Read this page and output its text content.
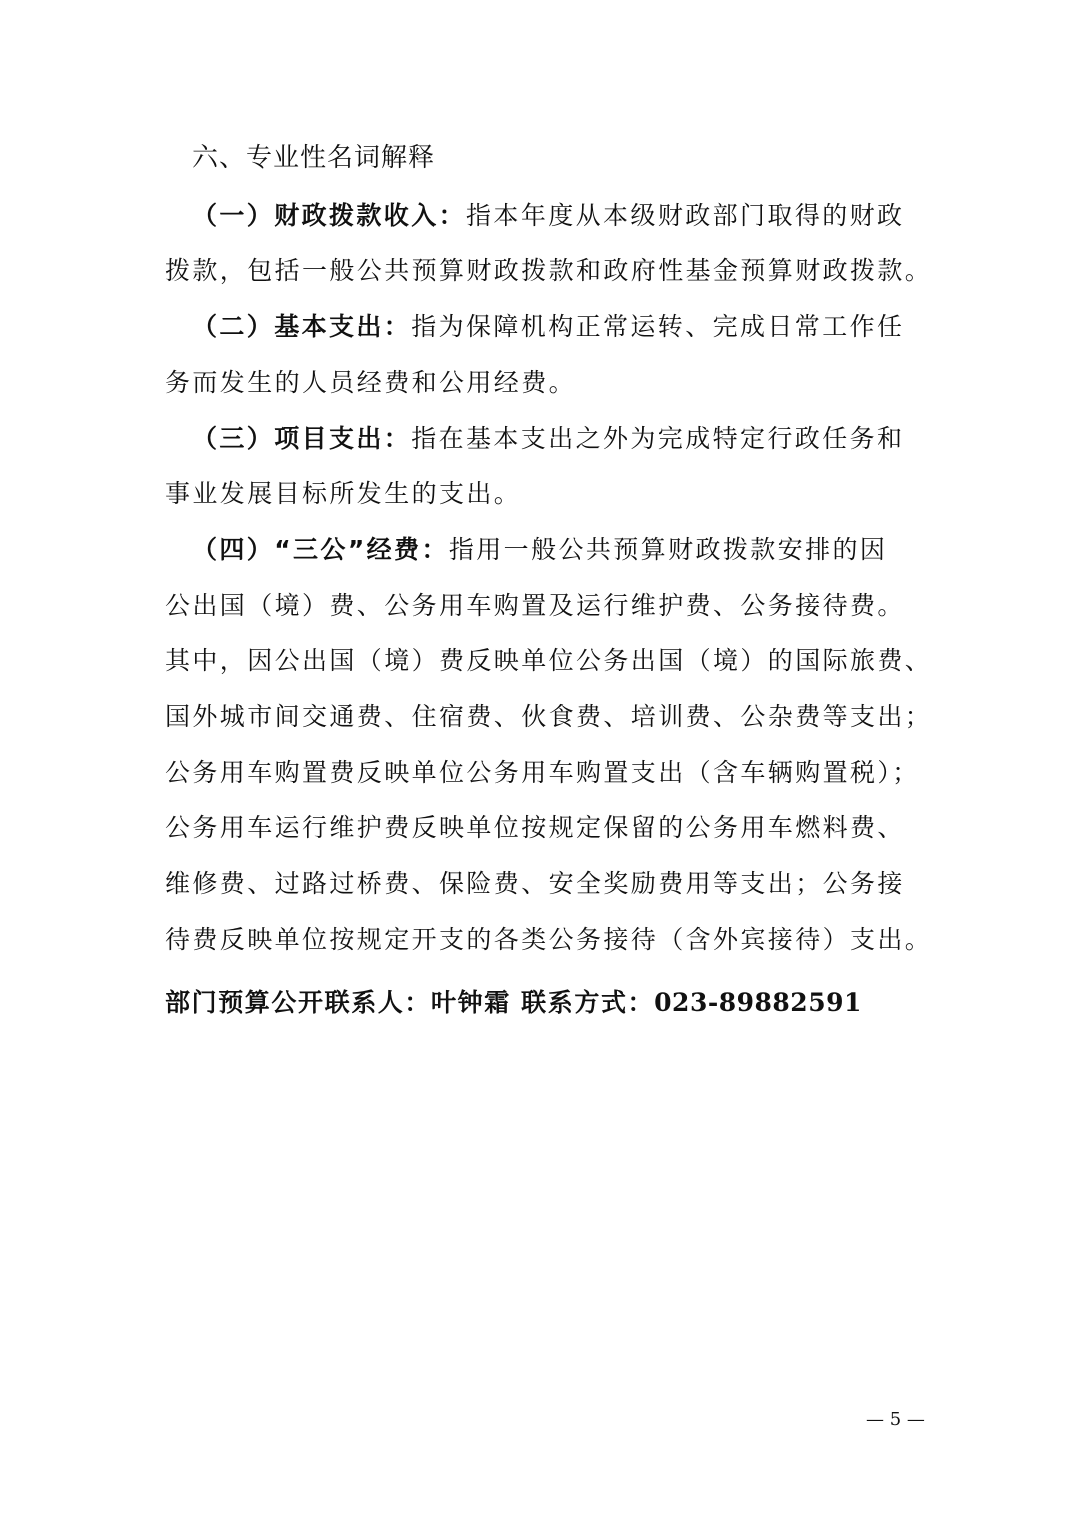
六、专业性名词解释
（一）财政拨款收入：指本年度从本级财政部门取得的财政
拨款，包括一般公共预算财政拨款和政府性基金预算财政拨款。
（二）基本支出：指为保障机构正常运转、完成日常工作任
务而发生的人员经费和公用经费。
（三）项目支出：指在基本支出之外为完成特定行政任务和
事业发展目标所发生的支出。
（四）“三公”经费：指用一般公共预算财政拨款安排的因
公出国（境）费、公务用车购置及运行维护费、公务接待费。
其中，因公出国（境）费反映单位公务出国（境）的国际旅费、
国外城市间交通费、住宿费、伙食费、培训费、公杂费等支出；
公务用车购置费反映单位公务用车购置支出（含车辆购置税）；
公务用车运行维护费反映单位按规定保留的公务用车燃料费、
维修费、过路过桥费、保险费、安全奖励费用等支出；公务接
待费反映单位按规定开支的各类公务接待（含外宾接待）支出。
部门预算公开联系人：叶钟霜 联系方式：023-89882591
— 5 —
